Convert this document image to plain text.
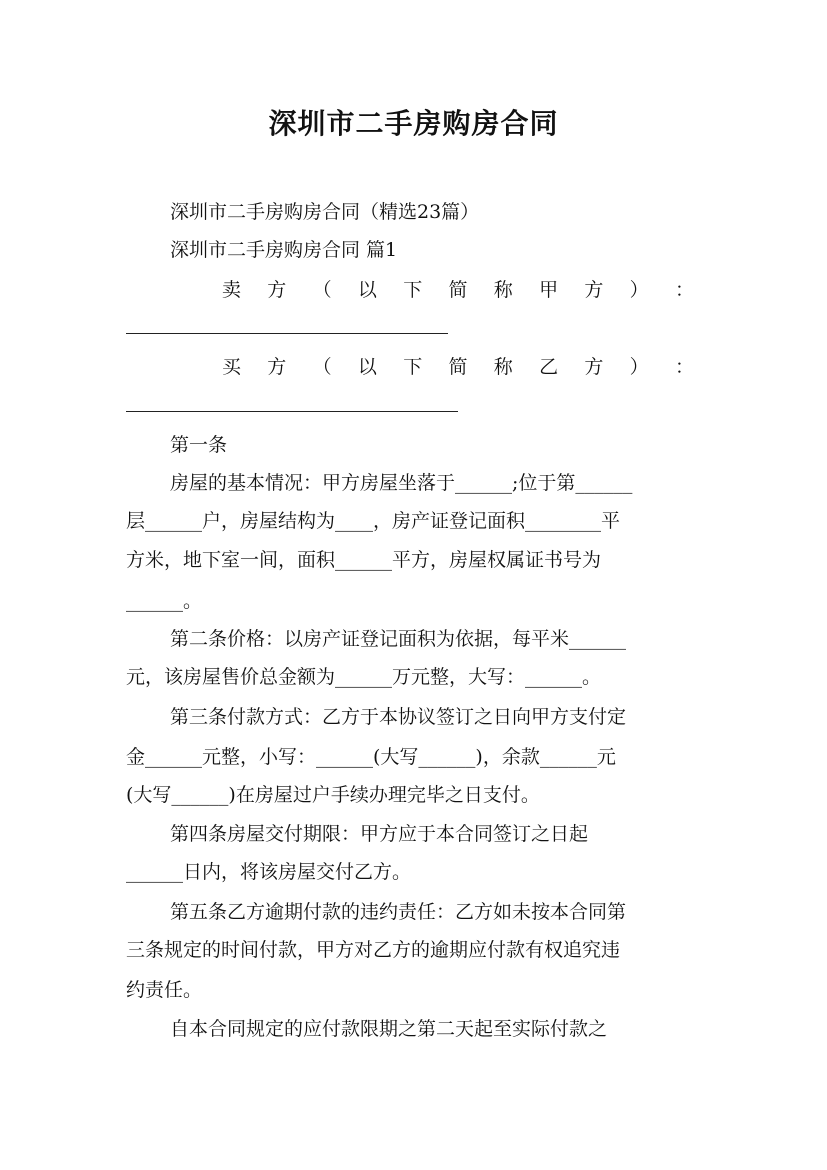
深圳市二手房购房合同
深圳市二手房购房合同（精选23篇）
深圳市二手房购房合同 篇1
卖 方 （ 以 下 简 称 甲 方 ） ：
买 方 （ 以 下 简 称 乙 方 ） ：
第一条
房屋的基本情况：甲方房屋坐落于______;位于第______
层______户，房屋结构为____，房产证登记面积________平
方米，地下室一间，面积______平方，房屋权属证书号为
______。
第二条价格：以房产证登记面积为依据，每平米______
元，该房屋售价总金额为______万元整，大写：______。
第三条付款方式：乙方于本协议签订之日向甲方支付定
金______元整，小写：______(大写______)，余款______元
(大写______)在房屋过户手续办理完毕之日支付。
第四条房屋交付期限：甲方应于本合同签订之日起
______日内，将该房屋交付乙方。
第五条乙方逾期付款的违约责任：乙方如未按本合同第
三条规定的时间付款，甲方对乙方的逾期应付款有权追究违
约责任。
自本合同规定的应付款限期之第二天起至实际付款之
